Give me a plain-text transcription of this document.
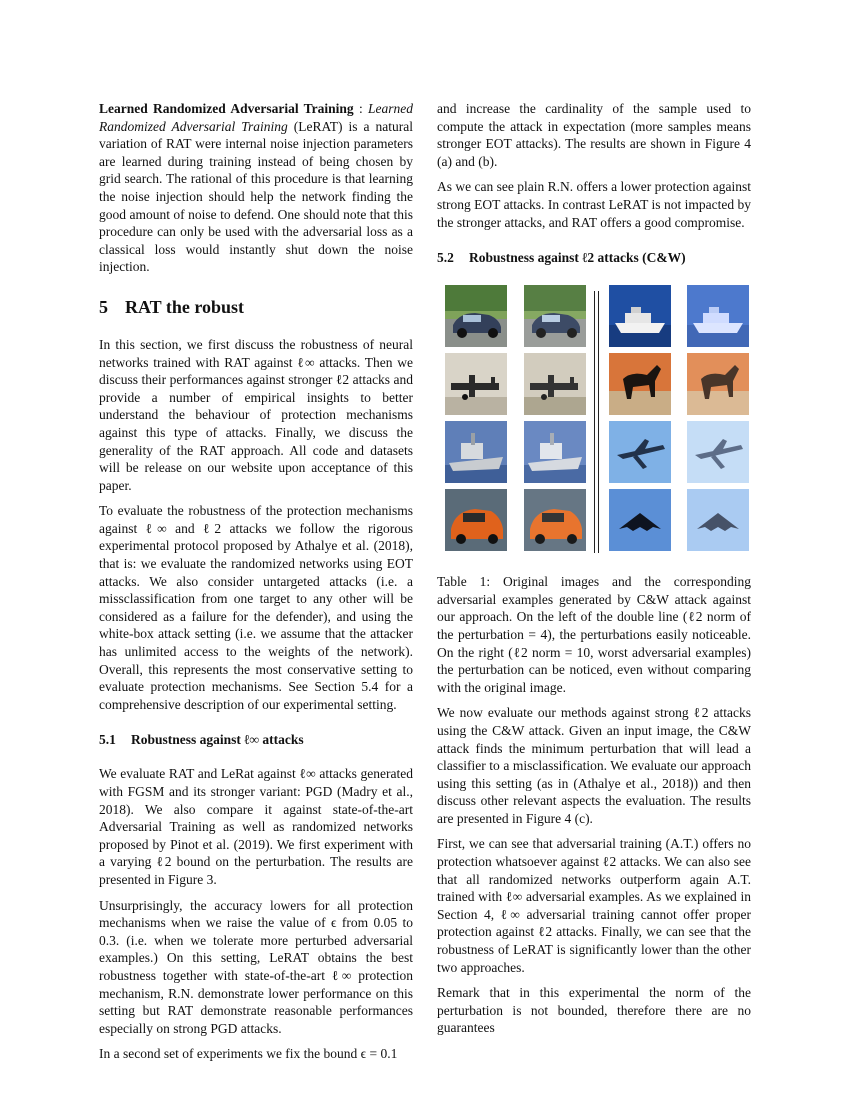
Learned Randomized Adversarial Training : Learned Randomized Adversarial Training (LeRAT) is a natural variation of RAT were internal noise injection parameters are learned during training instead of being chosen by grid search. The rational of this procedure is that learning the noise injection should help the network finding the good amount of noise to defend. One should note that this procedure can only be used with the adversarial loss as a classical loss would instantly shut down the noise injection.

5 RAT the robust

In this section, we first discuss the robustness of neural networks trained with RAT against ℓ∞ attacks. Then we discuss their performances against stronger ℓ2 attacks and provide a number of empirical insights to better understand the behaviour of protection mechanisms against this type of attacks. Finally, we discuss the generality of the RAT approach. All code and datasets will be release on our website upon acceptance of this paper.

To evaluate the robustness of the protection mechanisms against ℓ∞ and ℓ2 attacks we follow the rigorous experimental protocol proposed by Athalye et al. (2018), that is: we evaluate the randomized networks using EOT attacks. We also consider untargeted attacks (i.e. a missclassification from one target to any other will be considered as a failure for the defender), and using the white-box attack setting (i.e. we assume that the attacker has unlimited access to the weights of the network). Overall, this represents the most conservative setting to evaluate protection mechanisms. See Section 5.4 for a comprehensive description of our experimental setting.

5.1 Robustness against ℓ∞ attacks

We evaluate RAT and LeRat against ℓ∞ attacks generated with FGSM and its stronger variant: PGD (Madry et al., 2018). We also compare it against state-of-the-art Adversarial Training as well as randomized networks proposed by Pinot et al. (2019). We first experiment with a varying ℓ2 bound on the perturbation. The results are presented in Figure 3.

Unsurprisingly, the accuracy lowers for all protection mechanisms when we raise the value of ϵ from 0.05 to 0.3. (i.e. when we tolerate more perturbed adversarial examples.) On this setting, LeRAT obtains the best robustness together with state-of-the-art ℓ∞ protection mechanism, R.N. demonstrate lower performance on this setting but RAT demonstrate reasonable performances especially on strong PGD attacks.

In a second set of experiments we fix the bound ϵ = 0.1

and increase the cardinality of the sample used to compute the attack in expectation (more samples means stronger EOT attacks). The results are shown in Figure 4 (a) and (b).

As we can see plain R.N. offers a lower protection against strong EOT attacks. In contrast LeRAT is not impacted by the stronger attacks, and RAT offers a good compromise.

5.2 Robustness against ℓ2 attacks (C&W)

Table 1: Original images and the corresponding adversarial examples generated by C&W attack against our approach. On the left of the double line (ℓ2 norm of the perturbation = 4), the perturbations easily noticeable. On the right (ℓ2 norm = 10, worst adversarial examples) the perturbation can be noticed, even without comparing with the original image.

We now evaluate our methods against strong ℓ2 attacks using the C&W attack. Given an input image, the C&W attack finds the minimum perturbation that will lead a classifier to a misclassification. We evaluate our approach using this setting (as in (Athalye et al., 2018)) and then discuss other relevant aspects the evaluation. The results are presented in Figure 4 (c).

First, we can see that adversarial training (A.T.) offers no protection whatsoever against ℓ2 attacks. We can also see that all randomized networks outperform again A.T. trained with ℓ∞ adversarial examples. As we explained in Section 4, ℓ∞ adversarial training cannot offer proper protection against ℓ2 attacks. Finally, we can see that the robustness of LeRAT is significantly lower than the other two approaches.

Remark that in this experimental the norm of the perturbation is not bounded, therefore there are no guarantees
